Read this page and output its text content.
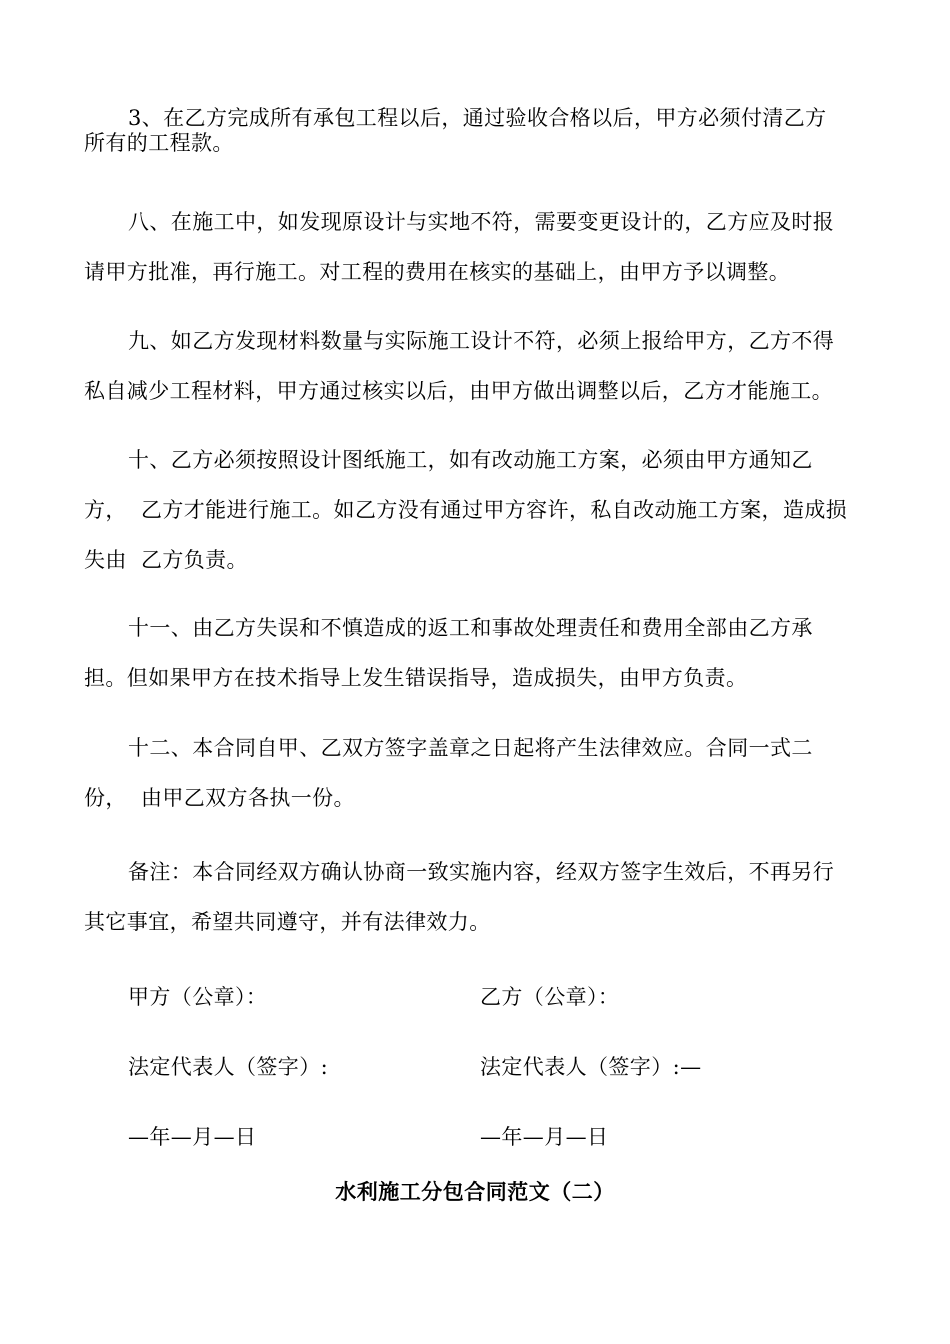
3、在乙方完成所有承包工程以后，通过验收合格以后，甲方必须付清乙方
所有的工程款。
八、在施工中，如发现原设计与实地不符，需要变更设计的，乙方应及时报
请甲方批准，再行施工。对工程的费用在核实的基础上，由甲方予以调整。
九、如乙方发现材料数量与实际施工设计不符，必须上报给甲方，乙方不得
私自减少工程材料，甲方通过核实以后，由甲方做出调整以后，乙方才能施工。
十、乙方必须按照设计图纸施工，如有改动施工方案，必须由甲方通知乙
方，  乙方才能进行施工。如乙方没有通过甲方容许，私自改动施工方案，造成损
失由  乙方负责。
十一、由乙方失误和不慎造成的返工和事故处理责任和费用全部由乙方承
担。但如果甲方在技术指导上发生错误指导，造成损失，由甲方负责。
十二、本合同自甲、乙双方签字盖章之日起将产生法律效应。合同一式二
份，  由甲乙双方各执一份。
备注：本合同经双方确认协商一致实施内容，经双方签字生效后，不再另行
其它事宜，希望共同遵守，并有法律效力。
甲方（公章）：	乙方（公章）：
法定代表人（签字）:	法定代表人（签字）:—
—年—月—日	—年—月—日
水利施工分包合同范文（二）
